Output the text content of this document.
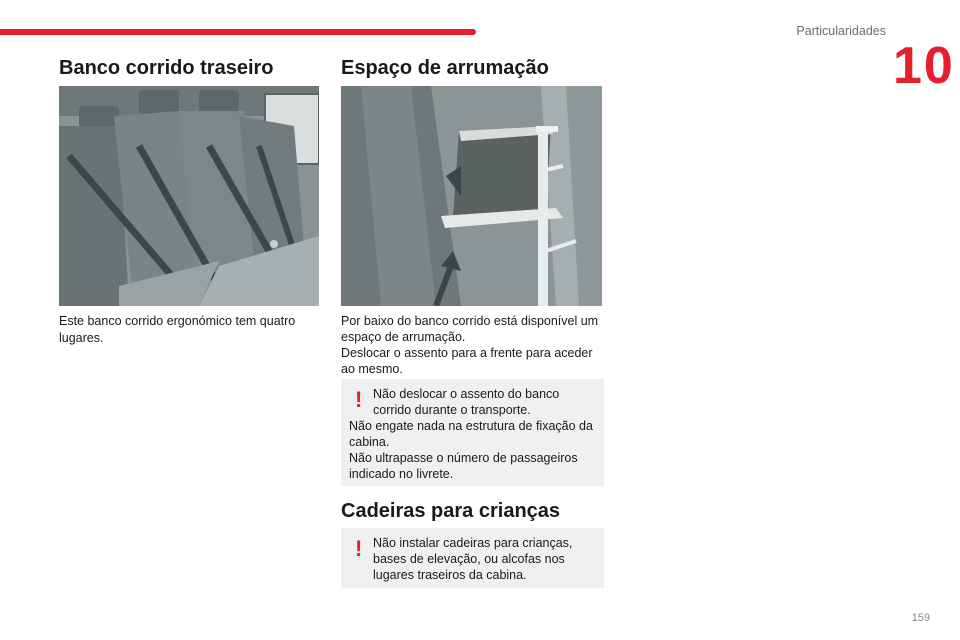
Particularidades
10
Banco corrido traseiro

Este banco corrido ergonómico tem quatro lugares.

Espaço de arrumação
Por baixo do banco corrido está disponível um espaço de arrumação.
Deslocar o assento para a frente para aceder ao mesmo.
! Não deslocar o assento do banco corrido durante o transporte.
Não engate nada na estrutura de fixação da cabina.
Não ultrapasse o número de passageiros indicado no livrete.
Cadeiras para crianças
! Não instalar cadeiras para crianças, bases de elevação, ou alcofas nos lugares traseiros da cabina.
159
